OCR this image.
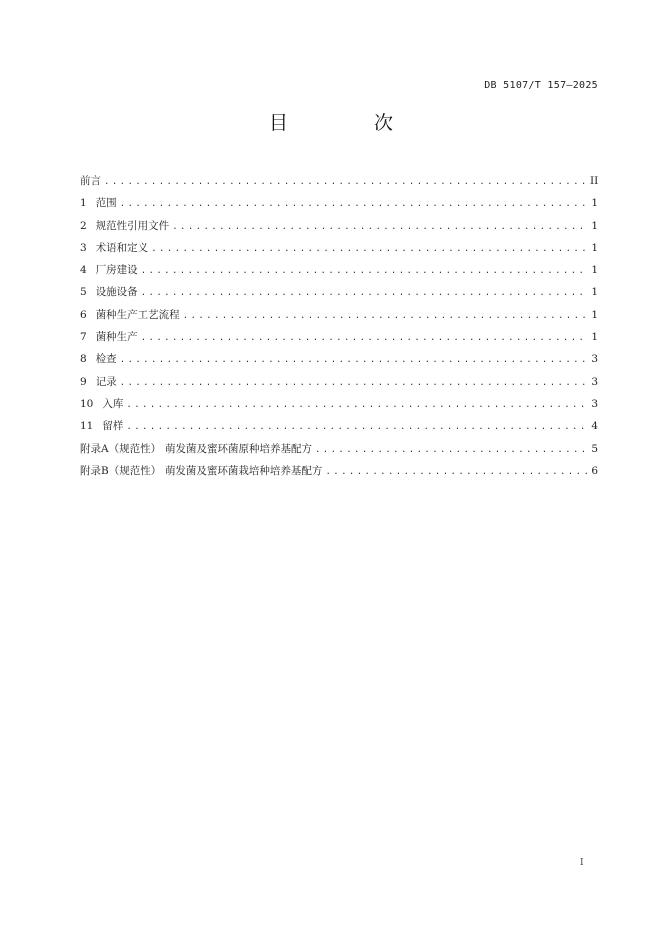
DB 5107/T 157—2025
目 次
前言 .....	II
1 范围 .....	1
2 规范性引用文件 .....	1
3 术语和定义 .....	1
4 厂房建设 .....	1
5 设施设备 .....	1
6 菌种生产工艺流程 .....	1
7 菌种生产 .....	1
8 检查 .....	3
9 记录 .....	3
10 入库 .....	3
11 留样 .....	4
附录A（规范性） 萌发菌及蜜环菌原种培养基配方 .....	5
附录B（规范性） 萌发菌及蜜环菌栽培种培养基配方 .....	6
I
